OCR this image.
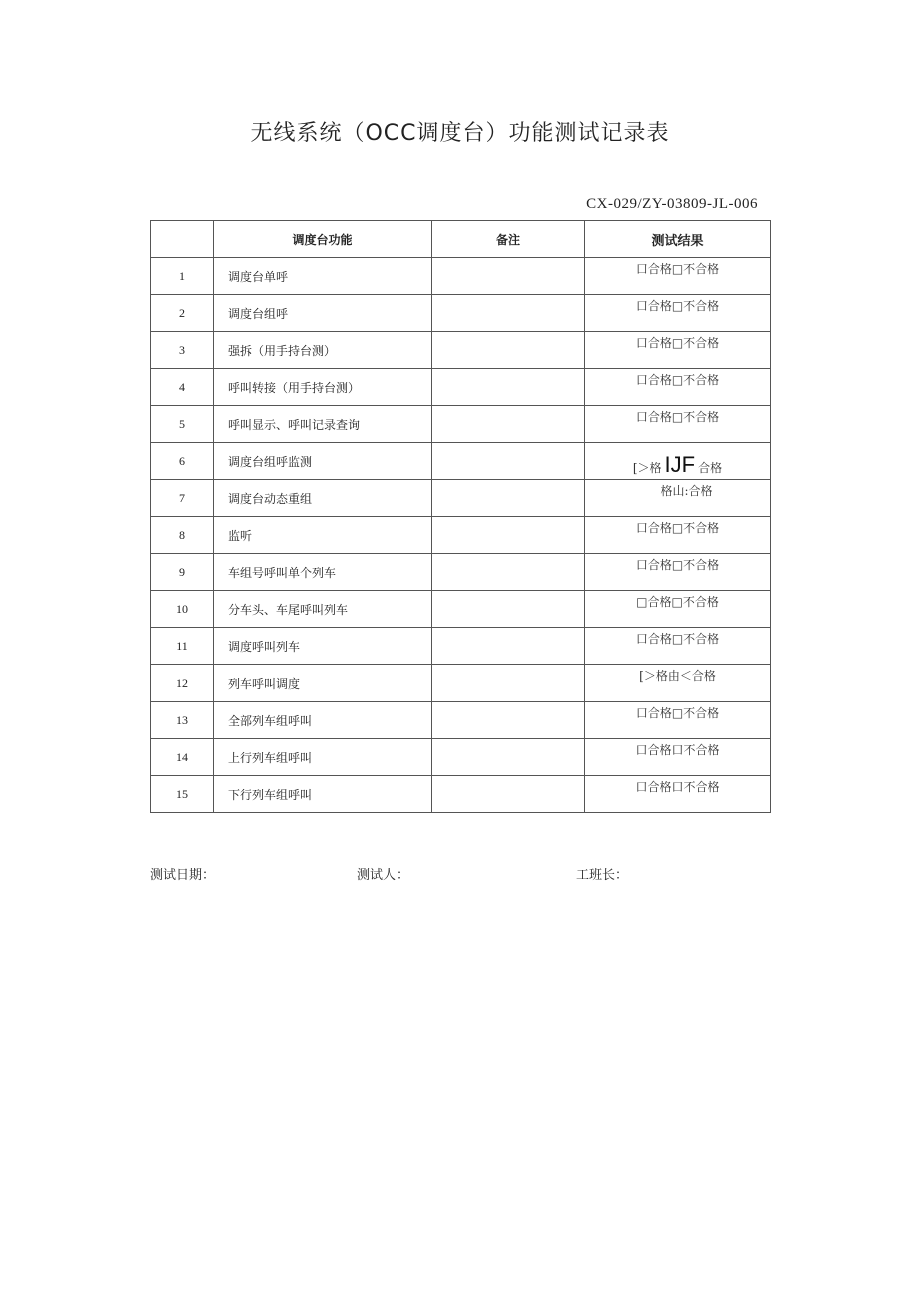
无线系统（OCC调度台）功能测试记录表
CX-029/ZY-03809-JL-006
	调度台功能	备注	测试结果
1	调度台单呼		口合格□不合格

2	调度台组呼		口合格□不合格

3	强拆（用手持台测）		口合格□不合格

4	呼叫转接（用手持台测）		口合格□不合格

5	呼叫显示、呼叫记录查询		口合格□不合格

6	调度台组呼监测		[＞格 IJF 合格

7	调度台动态重组		格山:合格

8	监听		口合格□不合格

9	车组号呼叫单个列车		口合格□不合格

10	分车头、车尾呼叫列车		□合格□不合格

11	调度呼叫列车		口合格□不合格

12	列车呼叫调度		[＞格由＜合格

13	全部列车组呼叫		口合格□不合格

14	上行列车组呼叫		口合格口不合格

15	下行列车组呼叫		口合格口不合格
测试日期：	测试人：	工班长：
